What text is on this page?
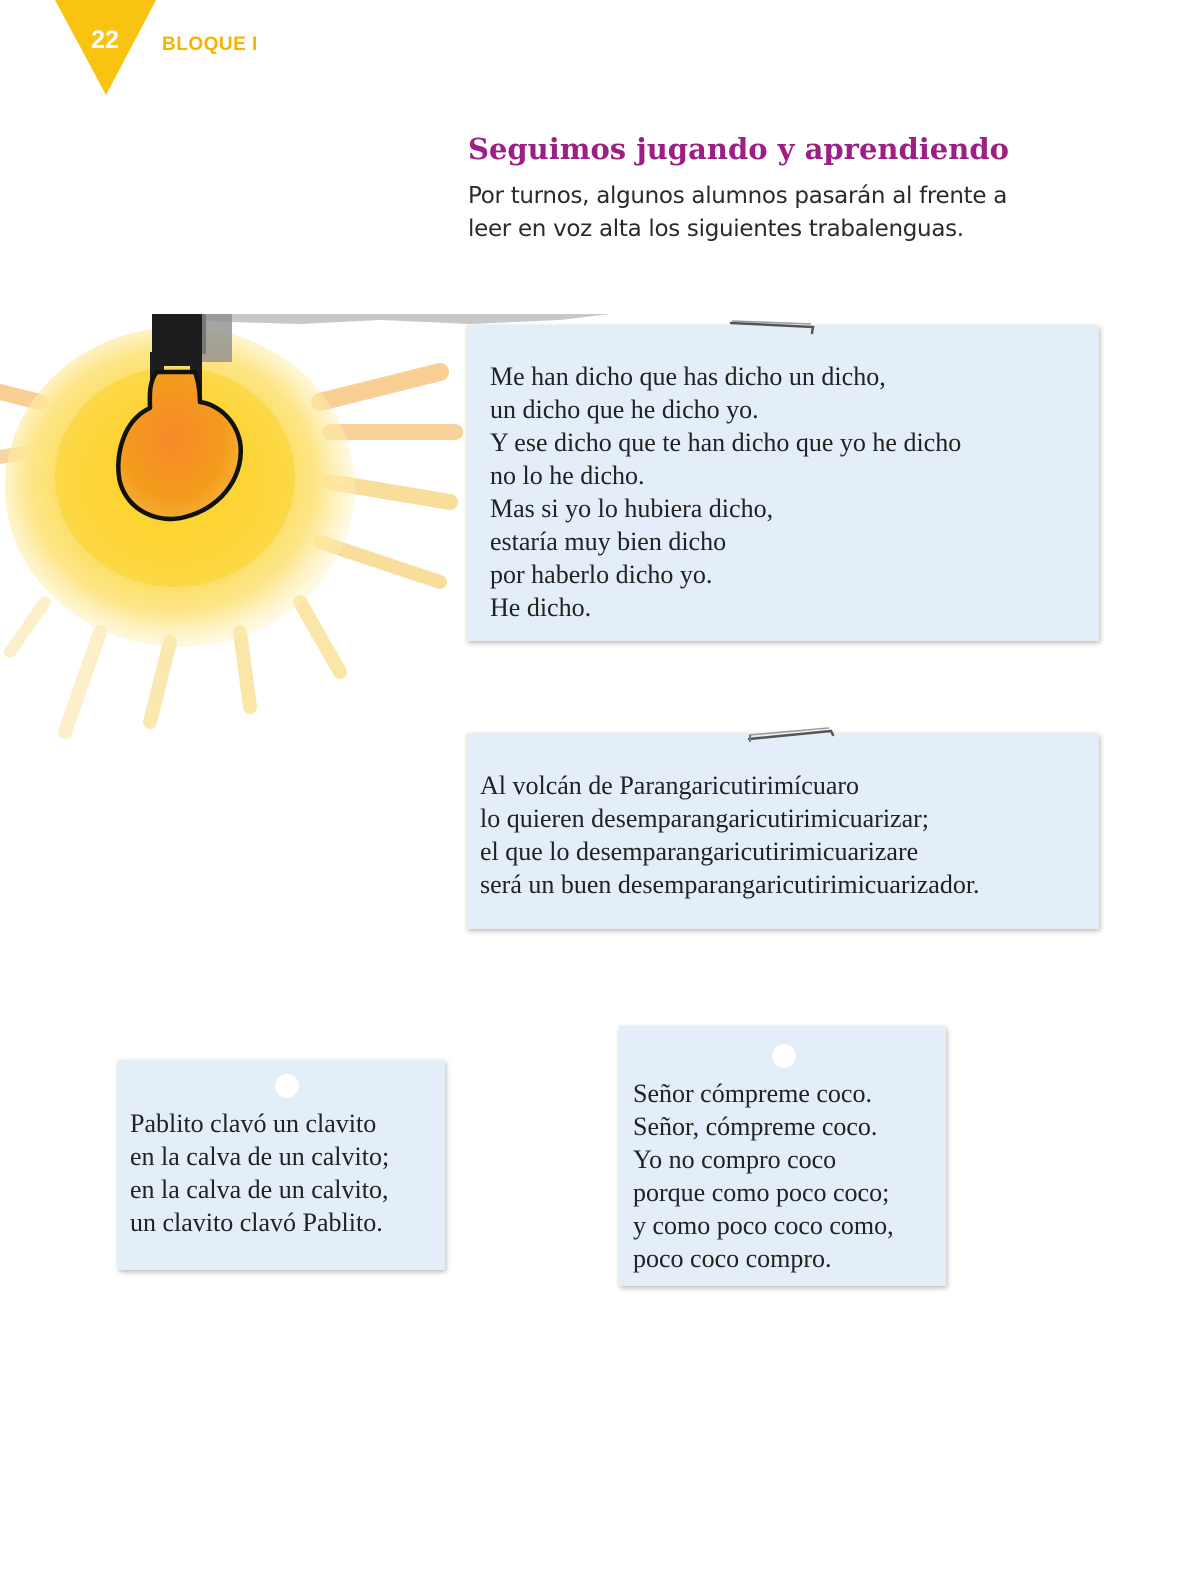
22	BLOQUE I
Seguimos jugando y aprendiendo
Por turnos, algunos alumnos pasarán al frente a
leer en voz alta los siguientes trabalenguas.
Me han dicho que has dicho un dicho,
un dicho que he dicho yo.
Y ese dicho que te han dicho que yo he dicho
no lo he dicho.
Mas si yo lo hubiera dicho,
estaría muy bien dicho
por haberlo dicho yo.
He dicho.
Al volcán de Parangaricutirimícuaro
lo quieren desemparangaricutirimicuarizar;
el que lo desemparangaricutirimicuarizare
será un buen desemparangaricutirimicuarizador.
Pablito clavó un clavito
en la calva de un calvito;
en la calva de un calvito,
un clavito clavó Pablito.
Señor cómpreme coco.
Señor, cómpreme coco.
Yo no compro coco
porque como poco coco;
y como poco coco como,
poco coco compro.
